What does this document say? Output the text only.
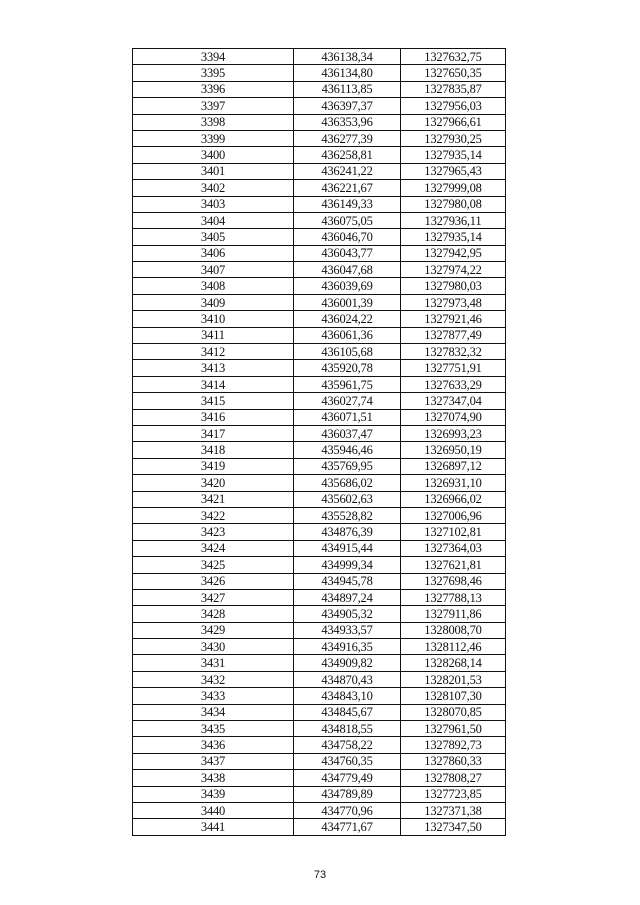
3394	436138,34	1327632,75
3395	436134,80	1327650,35
3396	436113,85	1327835,87
3397	436397,37	1327956,03
3398	436353,96	1327966,61
3399	436277,39	1327930,25
3400	436258,81	1327935,14
3401	436241,22	1327965,43
3402	436221,67	1327999,08
3403	436149,33	1327980,08
3404	436075,05	1327936,11
3405	436046,70	1327935,14
3406	436043,77	1327942,95
3407	436047,68	1327974,22
3408	436039,69	1327980,03
3409	436001,39	1327973,48
3410	436024,22	1327921,46
3411	436061,36	1327877,49
3412	436105,68	1327832,32
3413	435920,78	1327751,91
3414	435961,75	1327633,29
3415	436027,74	1327347,04
3416	436071,51	1327074,90
3417	436037,47	1326993,23
3418	435946,46	1326950,19
3419	435769,95	1326897,12
3420	435686,02	1326931,10
3421	435602,63	1326966,02
3422	435528,82	1327006,96
3423	434876,39	1327102,81
3424	434915,44	1327364,03
3425	434999,34	1327621,81
3426	434945,78	1327698,46
3427	434897,24	1327788,13
3428	434905,32	1327911,86
3429	434933,57	1328008,70
3430	434916,35	1328112,46
3431	434909,82	1328268,14
3432	434870,43	1328201,53
3433	434843,10	1328107,30
3434	434845,67	1328070,85
3435	434818,55	1327961,50
3436	434758,22	1327892,73
3437	434760,35	1327860,33
3438	434779,49	1327808,27
3439	434789,89	1327723,85
3440	434770,96	1327371,38
3441	434771,67	1327347,50
73
